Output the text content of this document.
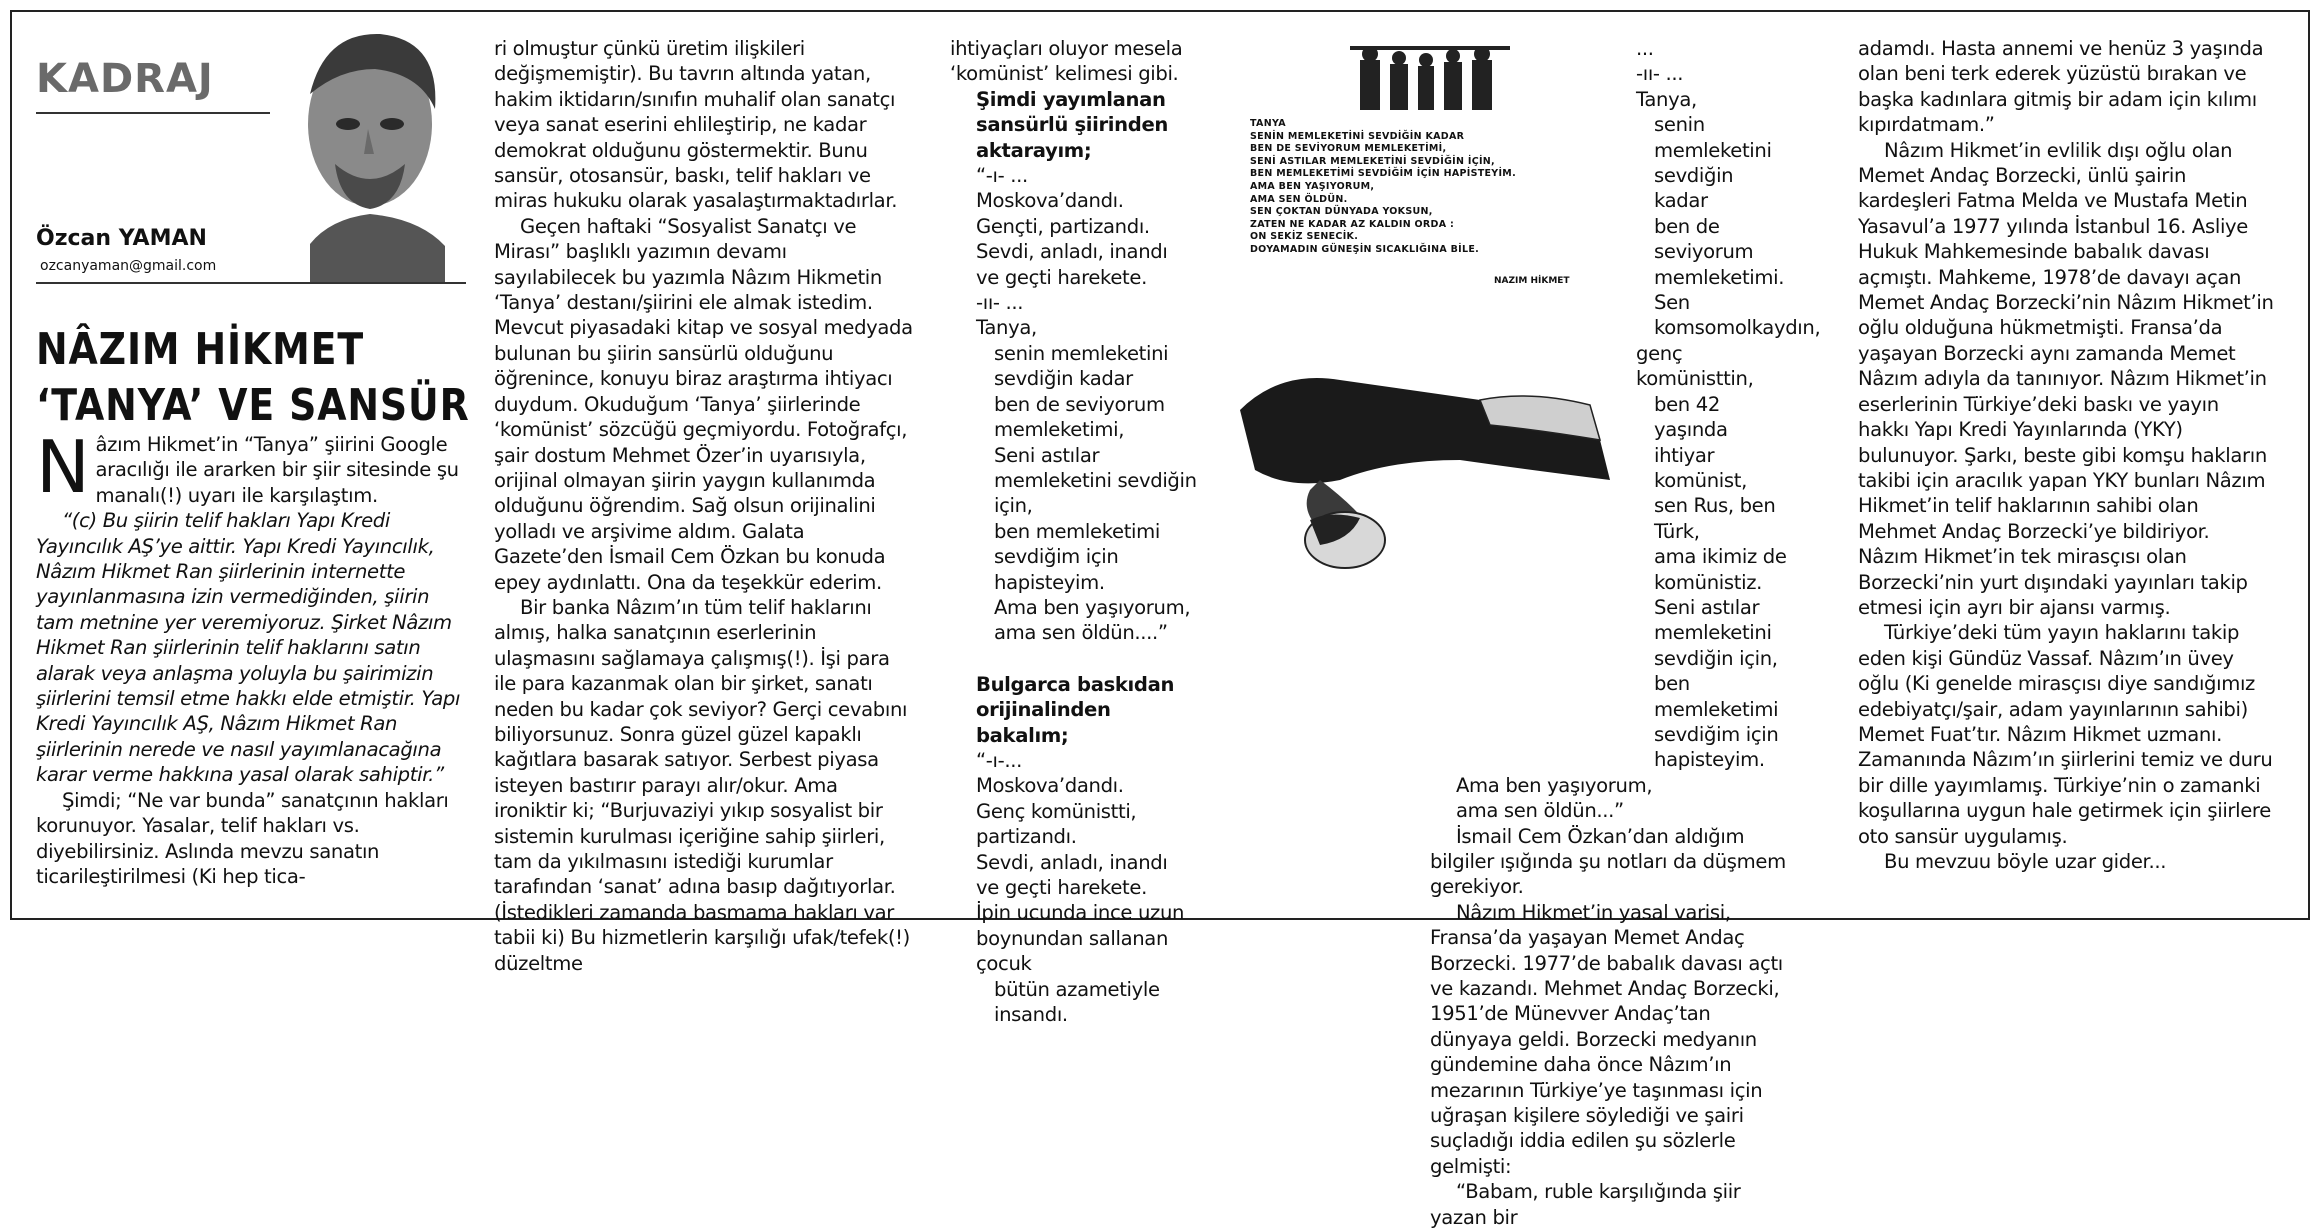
KADRAJ
Özcan YAMAN
ozcanyaman@gmail.com
NÂZIM HİKMET
‘TANYA’ VE SANSÜR

Nâzım Hikmet’in “Tanya” şiirini Google aracılığı ile ararken bir şiir sitesinde şu manalı(!) uyarı ile karşılaştım.

“(c) Bu şiirin telif hakları Yapı Kredi Yayıncılık AŞ’ye aittir. Yapı Kredi Yayıncılık, Nâzım Hikmet Ran şiirlerinin internette yayınlanmasına izin vermediğinden, şiirin tam metnine yer veremiyoruz. Şirket Nâzım Hikmet Ran şiirlerinin telif haklarını satın alarak veya anlaşma yoluyla bu şairimizin şiirlerini temsil etme hakkı elde etmiştir. Yapı Kredi Yayıncılık AŞ, Nâzım Hikmet Ran şiirlerinin nerede ve nasıl yayımlanacağına karar verme hakkına yasal olarak sahiptir.”

Şimdi; “Ne var bunda” sanatçının hakları korunuyor. Yasalar, telif hakları vs. diyebilirsiniz. Aslında mevzu sanatın ticarileştirilmesi (Ki hep tica-

ri olmuştur çünkü üretim ilişkileri değişmemiştir). Bu tavrın altında yatan, hakim iktidarın/sınıfın muhalif olan sanatçı veya sanat eserini ehlileştirip, ne kadar demokrat olduğunu göstermektir. Bunu sansür, otosansür, baskı, telif hakları ve miras hukuku olarak yasalaştırmaktadırlar.

Geçen haftaki “Sosyalist Sanatçı ve Mirası” başlıklı yazımın devamı sayılabilecek bu yazımla Nâzım Hikmetin ‘Tanya’ destanı/şiirini ele almak istedim. Mevcut piyasadaki kitap ve sosyal medyada bulunan bu şiirin sansürlü olduğunu öğrenince, konuyu biraz araştırma ihtiyacı duydum. Okuduğum ‘Tanya’ şiirlerinde ‘komünist’ sözcüğü geçmiyordu. Fotoğrafçı, şair dostum Mehmet Özer’in uyarısıyla, orijinal olmayan şiirin yaygın kullanımda olduğunu öğrendim. Sağ olsun orijinalini yolladı ve arşivime aldım. Galata Gazete’den İsmail Cem Özkan bu konuda epey aydınlattı. Ona da teşekkür ederim.

Bir banka Nâzım’ın tüm telif haklarını almış, halka sanatçının eserlerinin ulaşmasını sağlamaya çalışmış(!). İşi para ile para kazanmak olan bir şirket, sanatı neden bu kadar çok seviyor? Gerçi cevabını biliyorsunuz. Sonra güzel güzel kapaklı kağıtlara basarak satıyor. Serbest piyasa isteyen bastırır parayı alır/okur. Ama ironiktir ki; “Burjuvaziyi yıkıp sosyalist bir sistemin kurulması içeriğine sahip şiirleri, tam da yıkılmasını istediği kurumlar tarafından ‘sanat’ adına basıp dağıtıyorlar. (İstedikleri zamanda basmama hakları var tabii ki) Bu hizmetlerin karşılığı ufak/tefek(!) düzeltme

ihtiyaçları oluyor mesela ‘komünist’ kelimesi gibi.

Şimdi yayımlanan sansürlü şiirinden aktarayım;

“-ı- ...

Moskova’dandı.

Gençti, partizandı.

Sevdi, anladı, inandı

ve geçti harekete.

-ıı- ...

Tanya,

senin memleketini sevdiğin kadar

ben de seviyorum memleketimi,

Seni astılar memleketini sevdiğin için,

ben memleketimi sevdiğim için hapisteyim.

Ama ben yaşıyorum,

ama sen öldün....”

Bulgarca baskıdan orijinalinden bakalım;

“-ı-...

Moskova’dandı.

Genç komünistti, partizandı.

Sevdi, anladı, inandı

ve geçti harekete.

İpin ucunda ince uzun boynundan sallanan çocuk

bütün azametiyle insandı.

TANYA
SENİN MEMLEKETİNİ SEVDİĞİN KADAR
BEN DE SEVİYORUM MEMLEKETİMİ,
SENİ ASTILAR MEMLEKETİNİ SEVDİĞİN İÇİN,
BEN MEMLEKETİMİ SEVDİĞİM İÇİN HAPİSTEYİM.
AMA BEN YAŞIYORUM,
AMA SEN ÖLDÜN.
SEN ÇOKTAN DÜNYADA YOKSUN,
ZATEN NE KADAR AZ KALDIN ORDA :
ON SEKİZ SENECİK.
DOYAMADIN GÜNEŞİN SICAKLIĞINA BİLE.
NAZIM HİKMET

...

-ıı- ...

Tanya,

senin memleketini sevdiğin kadar

ben de seviyorum memleketimi.

Sen komsomolkaydın,

genç komünisttin,

ben 42 yaşında ihtiyar komünist,

sen Rus, ben Türk,

ama ikimiz de komünistiz.

Seni astılar memleketini sevdiğin için,

ben memleketimi sevdiğim için hapisteyim.

Ama ben yaşıyorum,

ama sen öldün...”

İsmail Cem Özkan’dan aldığım bilgiler ışığında şu notları da düşmem gerekiyor.

Nâzım Hikmet’in yasal varisi, Fransa’da yaşayan Memet Andaç Borzecki. 1977’de babalık davası açtı ve kazandı. Mehmet Andaç Borzecki, 1951’de Münevver Andaç’tan dünyaya geldi. Borzecki medyanın gündemine daha önce Nâzım’ın mezarının Türkiye’ye taşınması için uğraşan kişilere söylediği ve şairi suçladığı iddia edilen şu sözlerle gelmişti:

“Babam, ruble karşılığında şiir yazan bir

adamdı. Hasta annemi ve henüz 3 yaşında olan beni terk ederek yüzüstü bırakan ve başka kadınlara gitmiş bir adam için kılımı kıpırdatmam.”

Nâzım Hikmet’in evlilik dışı oğlu olan Memet Andaç Borzecki, ünlü şairin kardeşleri Fatma Melda ve Mustafa Metin Yasavul’a 1977 yılında İstanbul 16. Asliye Hukuk Mahkemesinde babalık davası açmıştı. Mahkeme, 1978’de davayı açan Memet Andaç Borzecki’nin Nâzım Hikmet’in oğlu olduğuna hükmetmişti. Fransa’da yaşayan Borzecki aynı zamanda Memet Nâzım adıyla da tanınıyor. Nâzım Hikmet’in eserlerinin Türkiye’deki baskı ve yayın hakkı Yapı Kredi Yayınlarında (YKY) bulunuyor. Şarkı, beste gibi komşu hakların takibi için aracılık yapan YKY bunları Nâzım Hikmet’in telif haklarının sahibi olan Mehmet Andaç Borzecki’ye bildiriyor. Nâzım Hikmet’in tek mirasçısı olan Borzecki’nin yurt dışındaki yayınları takip etmesi için ayrı bir ajansı varmış.

Türkiye’deki tüm yayın haklarını takip eden kişi Gündüz Vassaf. Nâzım’ın üvey oğlu (Ki genelde mirasçısı diye sandığımız edebiyatçı/şair, adam yayınlarının sahibi) Memet Fuat’tır. Nâzım Hikmet uzmanı. Zamanında Nâzım’ın şiirlerini temiz ve duru bir dille yayımlamış. Türkiye’nin o zamanki koşullarına uygun hale getirmek için şiirlere oto sansür uygulamış.

Bu mevzuu böyle uzar gider...
